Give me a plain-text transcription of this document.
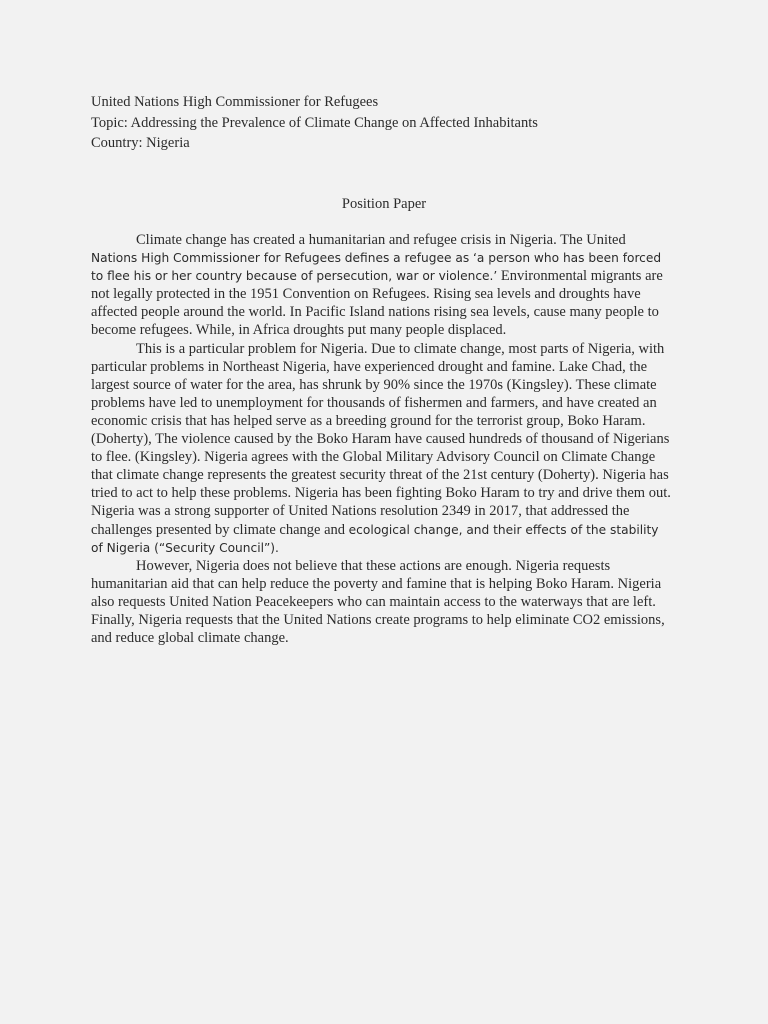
United Nations High Commissioner for Refugees
Topic: Addressing the Prevalence of Climate Change on Affected Inhabitants
Country: Nigeria
Position Paper

Climate change has created a humanitarian and refugee crisis in Nigeria. The United Nations High Commissioner for Refugees defines a refugee as ‘a person who has been forced to flee his or her country because of persecution, war or violence.’ Environmental migrants are not legally protected in the 1951 Convention on Refugees. Rising sea levels and droughts have affected people around the world. In Pacific Island nations rising sea levels, cause many people to become refugees. While, in Africa droughts put many people displaced.

This is a particular problem for Nigeria. Due to climate change, most parts of Nigeria, with particular problems in Northeast Nigeria, have experienced drought and famine. Lake Chad, the largest source of water for the area, has shrunk by 90% since the 1970s (Kingsley). These climate problems have led to unemployment for thousands of fishermen and farmers, and have created an economic crisis that has helped serve as a breeding ground for the terrorist group, Boko Haram. (Doherty), The violence caused by the Boko Haram have caused hundreds of thousand of Nigerians to flee. (Kingsley). Nigeria agrees with the Global Military Advisory Council on Climate Change that climate change represents the greatest security threat of the 21st century (Doherty). Nigeria has tried to act to help these problems. Nigeria has been fighting Boko Haram to try and drive them out. Nigeria was a strong supporter of United Nations resolution 2349 in 2017, that addressed the challenges presented by climate change and ecological change, and their effects of the stability of Nigeria (“Security Council”).

However, Nigeria does not believe that these actions are enough. Nigeria requests humanitarian aid that can help reduce the poverty and famine that is helping Boko Haram. Nigeria also requests United Nation Peacekeepers who can maintain access to the waterways that are left. Finally, Nigeria requests that the United Nations create programs to help eliminate CO2 emissions, and reduce global climate change.
